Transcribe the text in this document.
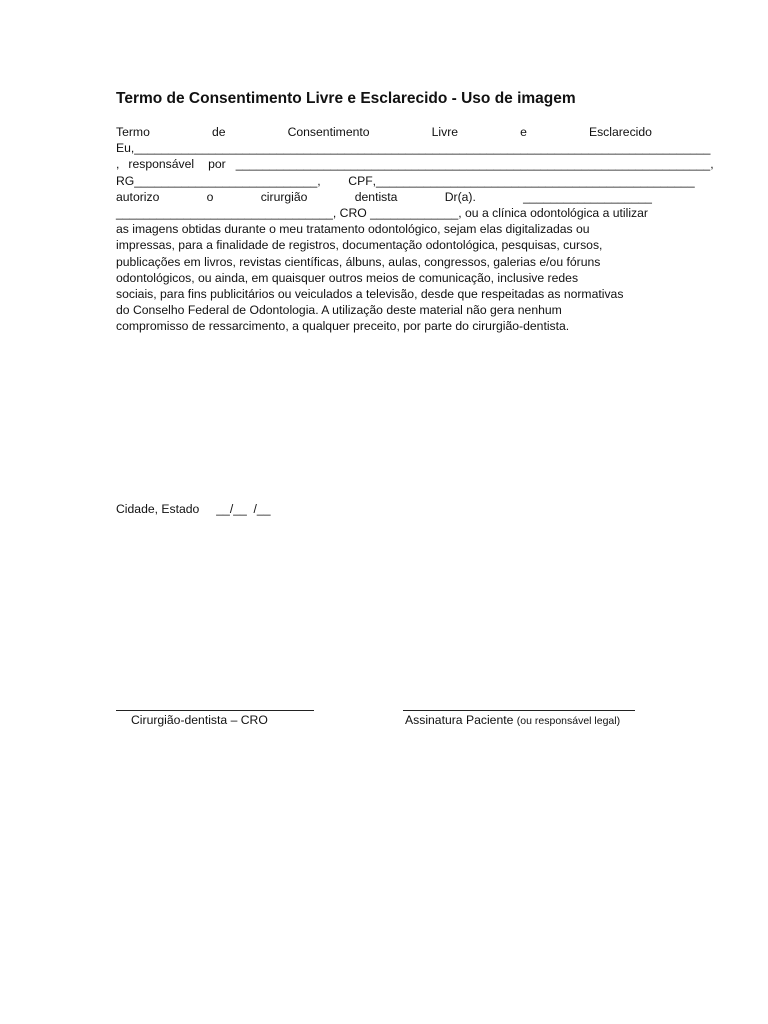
Termo de Consentimento Livre e Esclarecido - Uso de imagem
Termo	de	Consentimento	Livre	e	Esclarecido
Eu, _____________________________________________________________________________________
, responsável por ______________________________________________________________________ ,
RG ___________________________, CPF _______________________________________________,
autorizo	o	cirurgião	dentista	Dr(a).	___________________
________________________________, CRO _____________, ou a clínica odontológica a utilizar
as imagens obtidas durante o meu tratamento odontológico, sejam elas digitalizadas ou
impressas, para a finalidade de registros, documentação odontológica, pesquisas, cursos,
publicações em livros, revistas científicas, álbuns, aulas, congressos, galerias e/ou fóruns
odontológicos, ou ainda, em quaisquer outros meios de comunicação, inclusive redes
sociais, para fins publicitários ou veiculados a televisão, desde que respeitadas as normativas
do Conselho Federal de Odontologia. A utilização deste material não gera nenhum
compromisso de ressarcimento, a qualquer preceito, por parte do cirurgião-dentista.
Cidade, Estado     __/__  /__
Cirurgião-dentista – CRO	Assinatura Paciente (ou responsável legal)
